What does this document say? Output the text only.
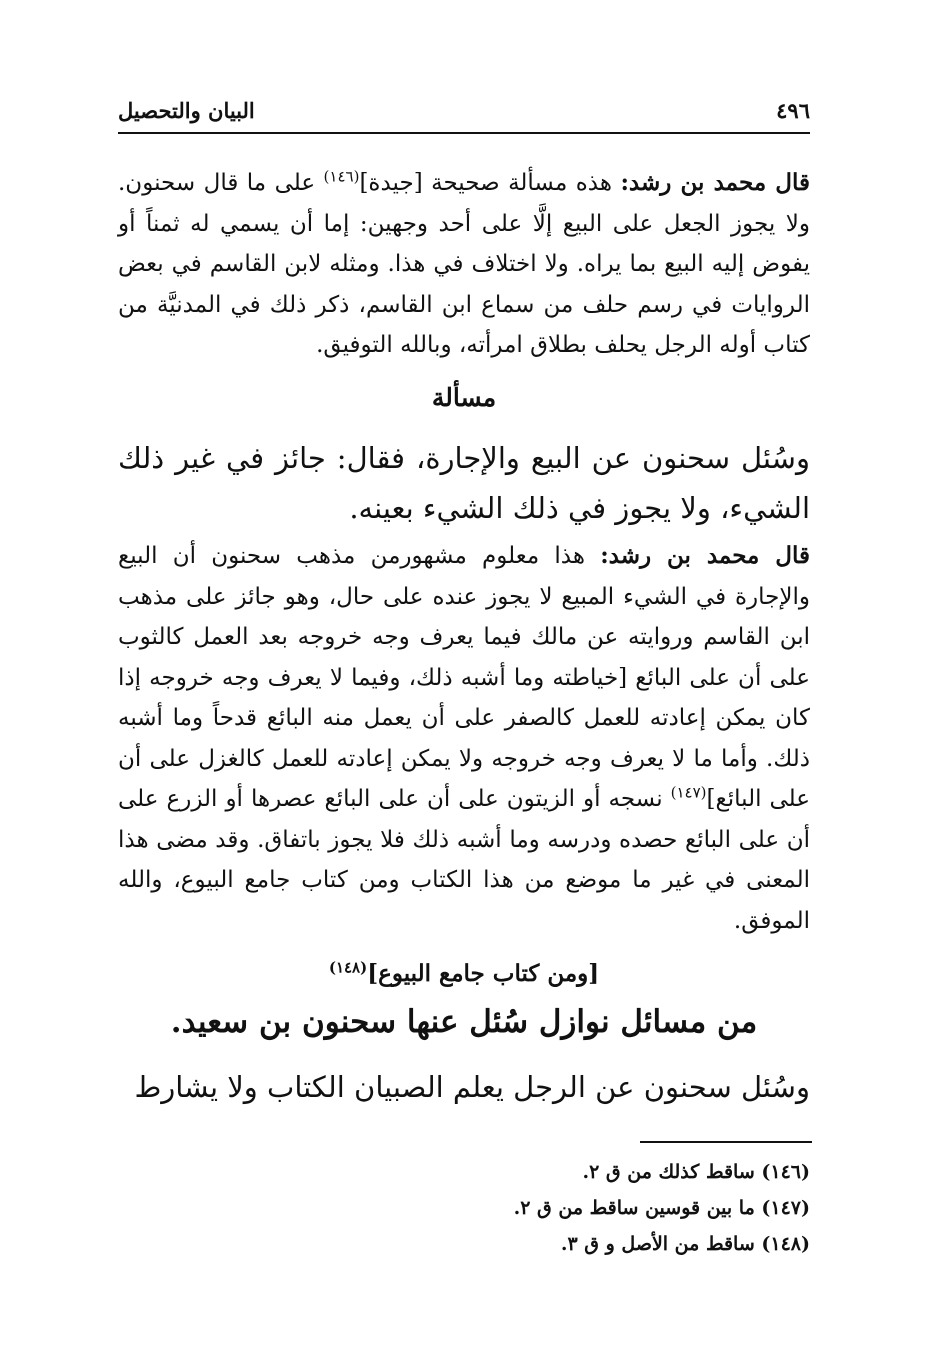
٤٩٦
البيان والتحصيل

قال محمد بن رشد: هذه مسألة صحيحة [جيدة]$^{(١٤٦)}$ على ما قال سحنون. ولا يجوز الجعل على البيع إلَّا على أحد وجهين: إما أن يسمي له ثمناً أو يفوض إليه البيع بما يراه. ولا اختلاف في هذا. ومثله لابن القاسم في بعض الروايات في رسم حلف من سماع ابن القاسم، ذكر ذلك في المدنيَّة من كتاب أوله الرجل يحلف بطلاق امرأته، وبالله التوفيق.

مسألة

وسُئل سحنون عن البيع والإجارة، فقال: جائز في غير ذلك الشيء، ولا يجوز في ذلك الشيء بعينه.

قال محمد بن رشد: هذا معلوم مشهورمن مذهب سحنون أن البيع والإجارة في الشيء المبيع لا يجوز عنده على حال، وهو جائز على مذهب ابن القاسم وروايته عن مالك فيما يعرف وجه خروجه بعد العمل كالثوب على أن على البائع [خياطته وما أشبه ذلك، وفيما لا يعرف وجه خروجه إذا كان يمكن إعادته للعمل كالصفر على أن يعمل منه البائع قدحاً وما أشبه ذلك. وأما ما لا يعرف وجه خروجه ولا يمكن إعادته للعمل كالغزل على أن على البائع]$^{(١٤٧)}$ نسجه أو الزيتون على أن على البائع عصرها أو الزرع على أن على البائع حصده ودرسه وما أشبه ذلك فلا يجوز باتفاق. وقد مضى هذا المعنى في غير ما موضع من هذا الكتاب ومن كتاب جامع البيوع، والله الموفق.

[ومن كتاب جامع البيوع]$^{(١٤٨)}$
من مسائل نوازل سُئل عنها سحنون بن سعيد.

وسُئل سحنون عن الرجل يعلم الصبيان الكتاب ولا يشارط

(١٤٦) ساقط كذلك من ق ٢.
(١٤٧) ما بين قوسين ساقط من ق ٢.
(١٤٨) ساقط من الأصل و ق ٣.
